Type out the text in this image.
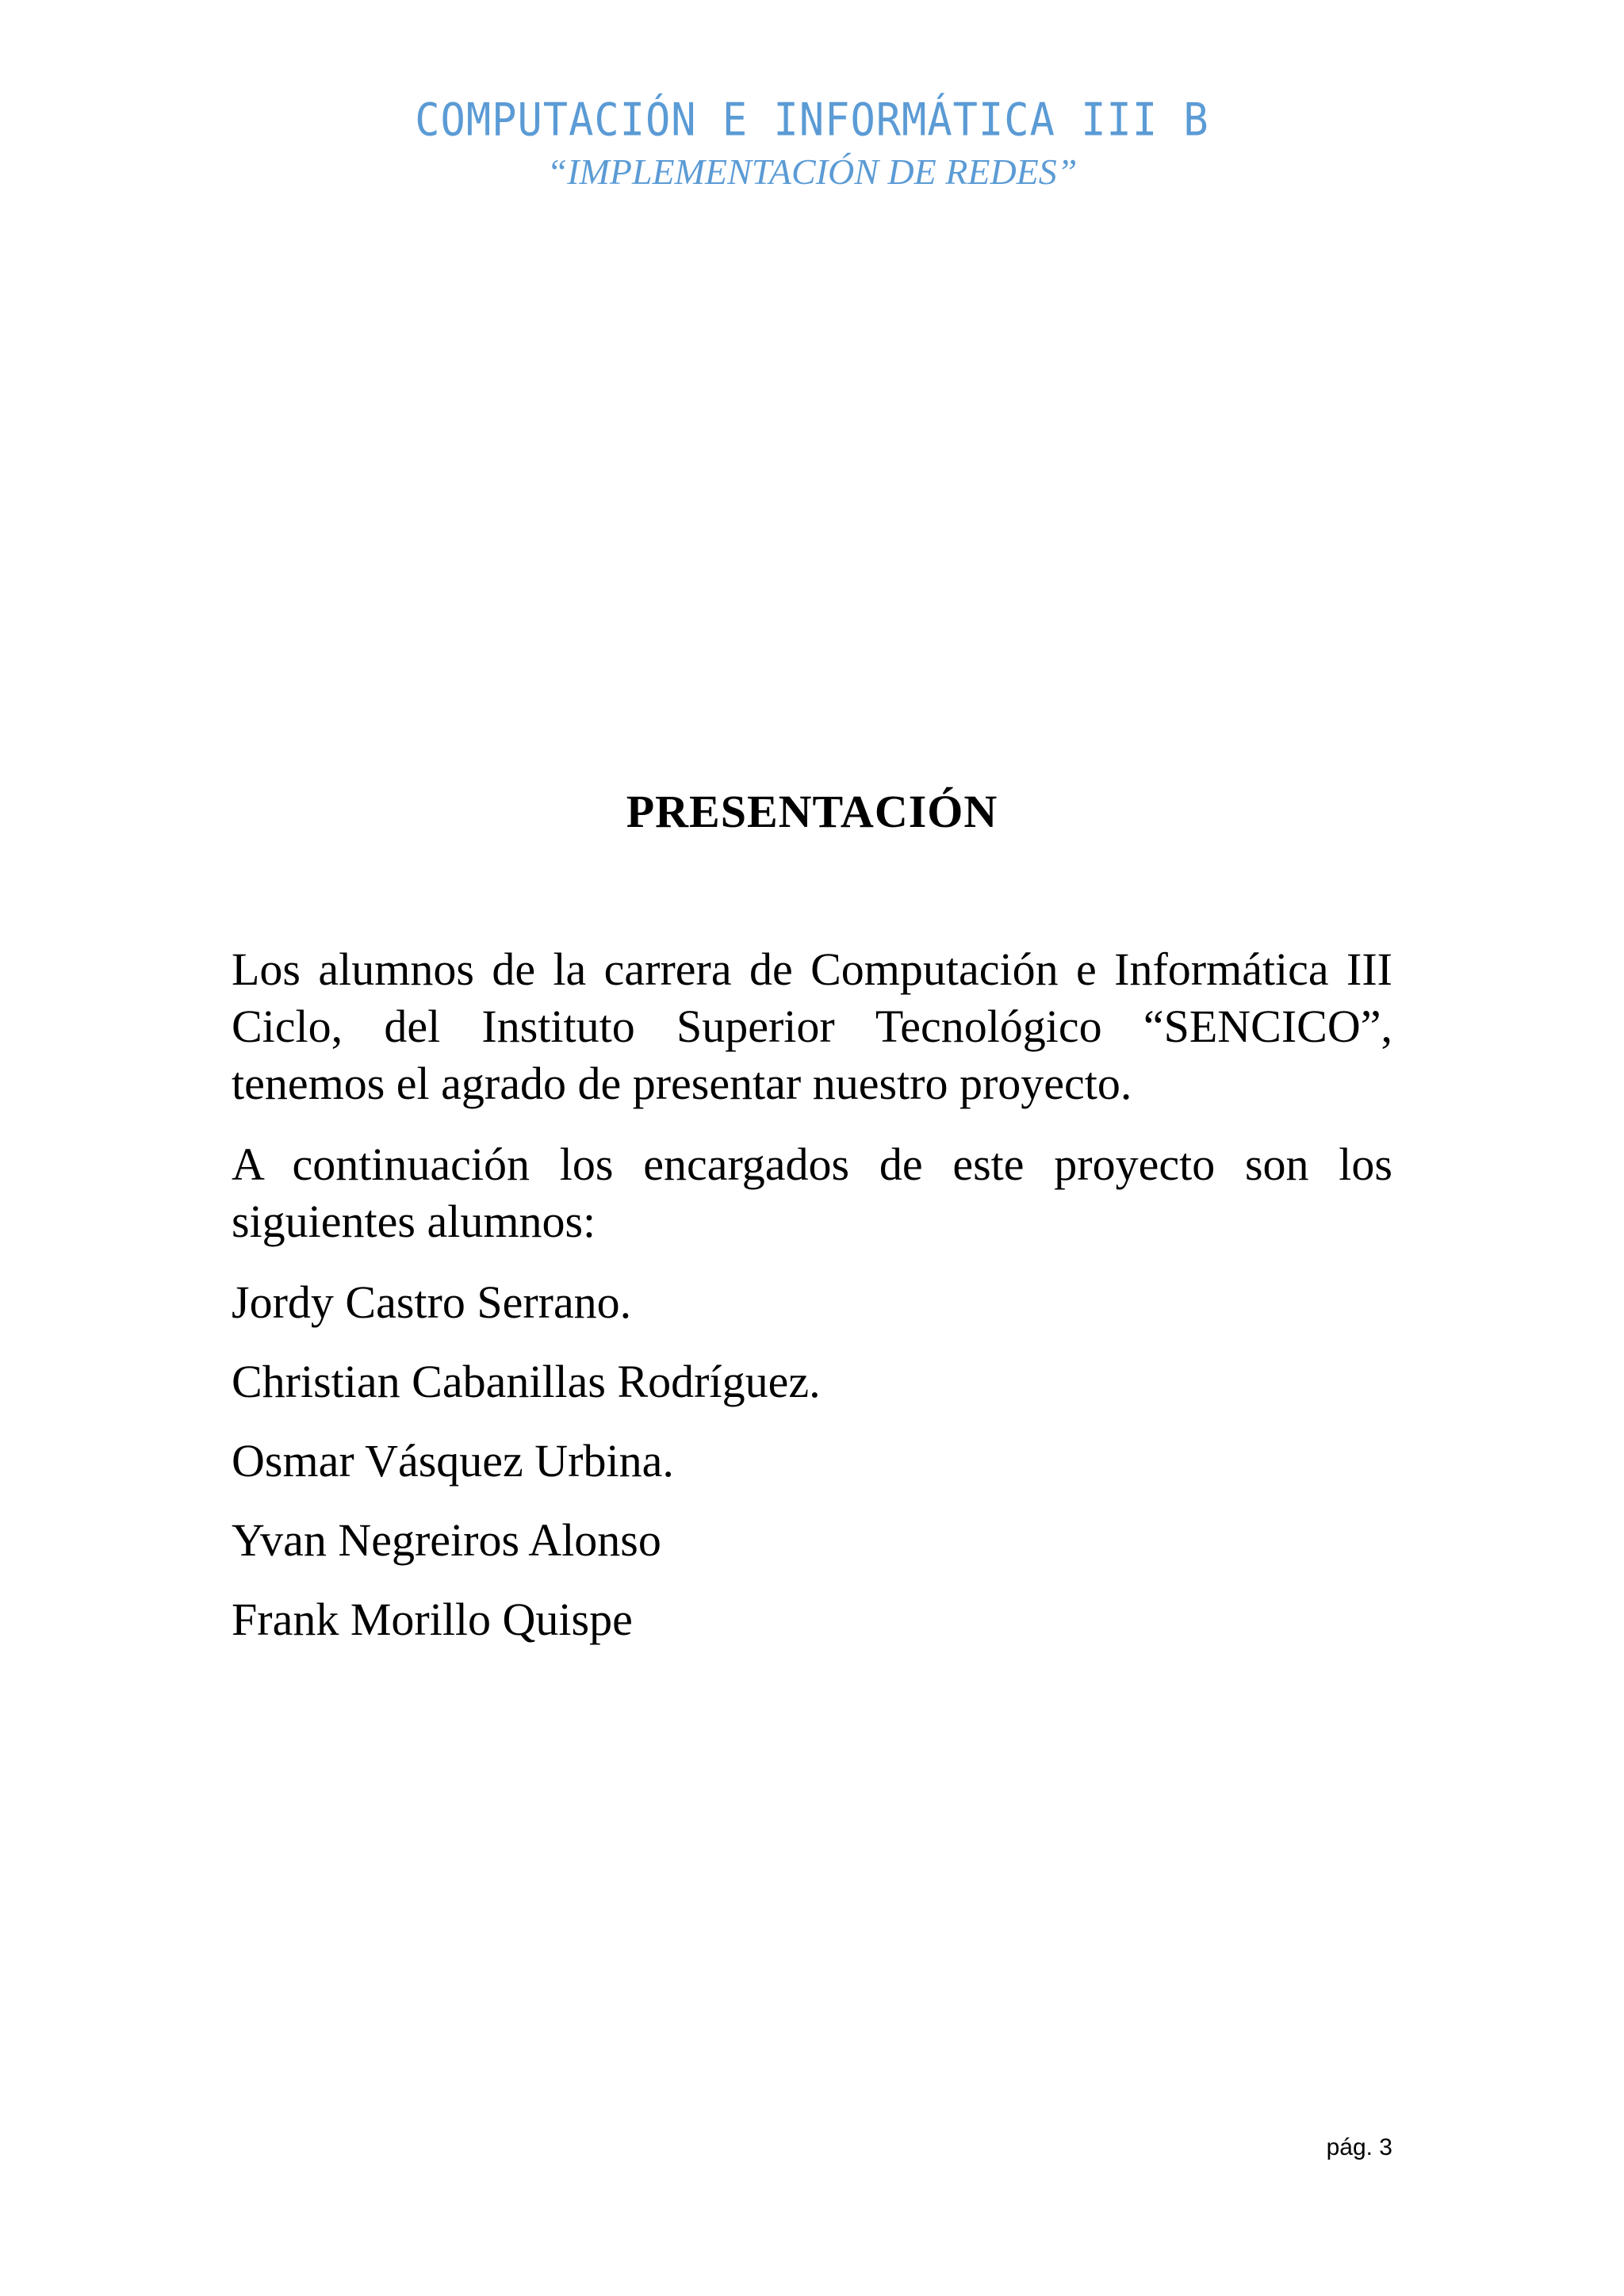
COMPUTACIÓN E INFORMÁTICA III B
“IMPLEMENTACIÓN DE REDES”
PRESENTACIÓN

Los alumnos de la carrera de Computación e Informática III Ciclo, del Instituto Superior Tecnológico “SENCICO”, tenemos el agrado de presentar nuestro proyecto.

A continuación los encargados de este proyecto son los siguientes alumnos:

Jordy Castro Serrano.
Christian Cabanillas Rodríguez.
Osmar Vásquez Urbina.
Yvan Negreiros Alonso
Frank Morillo Quispe
pág. 3
